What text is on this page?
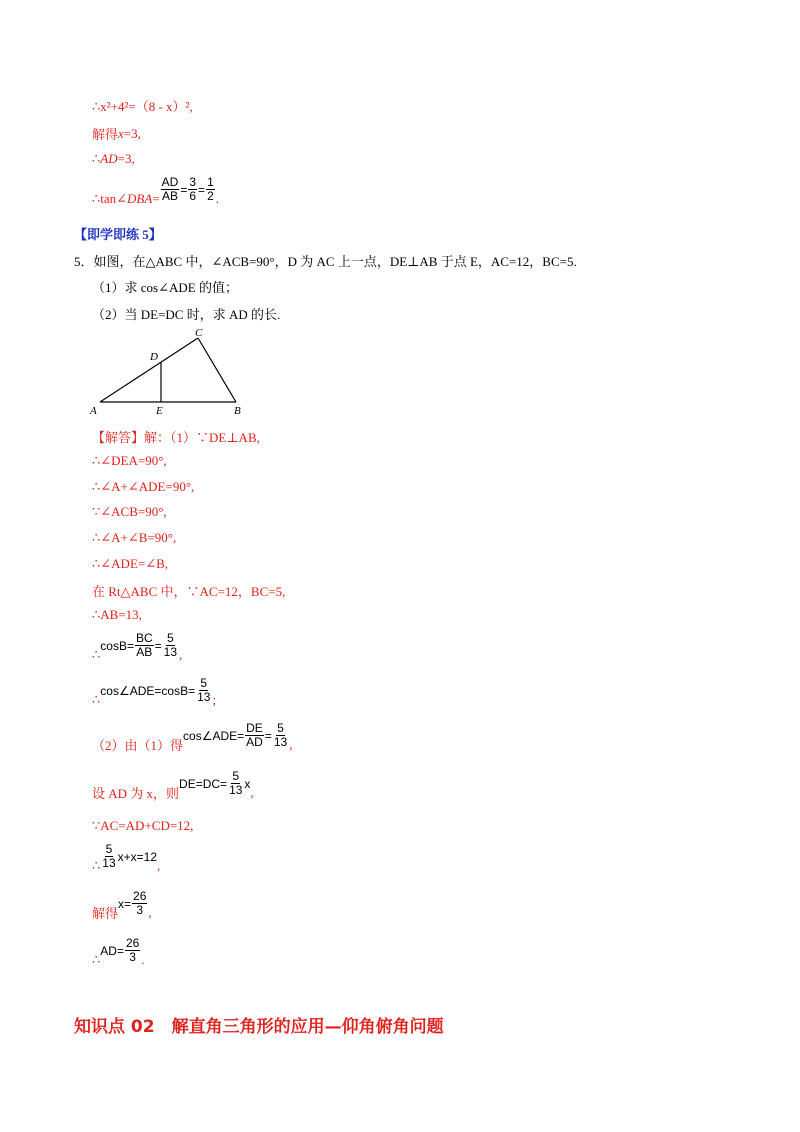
∴x²+4²=（8 - x）²,
解得 x =3,
∴ AD =3,
∴tan∠ DBA = $\frac{AD}{AB} = \frac{3}{6} = \frac{1}{2}$ .
【即学即练 5】
5．如图，在△ABC 中，∠ACB=90°，D 为 AC 上一点，DE⊥AB 于点 E，AC=12，BC=5.
（1）求 cos∠ADE 的值；
（2）当 DE=DC 时，求 AD 的长.
A	E	B
D
C
【解答】解：（1）∵DE⊥AB,
∴∠DEA=90°,
∴∠A+∠ADE=90°,
∵∠ACB=90°,
∴∠A+∠B=90°,
∴∠ADE=∠B,
在 Rt△ABC 中，∵AC=12，BC=5,
∴AB=13,
∴
$\cos B= \frac{BC}{AB} = \frac{5}{13}$ ,
∴
cos∠ADE=cosB= $\frac{5}{13}$ ;
（2）由（1）得
cos∠ADE= $\frac{DE}{AD} = \frac{5}{13}$ ,
设 AD 为 x，则
$DE=DC= \frac{5}{13}$ x
,
∵AC=AD+CD=12,
∴ $\frac{5}{13} x+x=12$
,
解得
$x= \frac{26}{3}$ ,
∴
$AD= \frac{26}{3}$ .
知识点 02　解直角三角形的应用—仰角俯角问题
